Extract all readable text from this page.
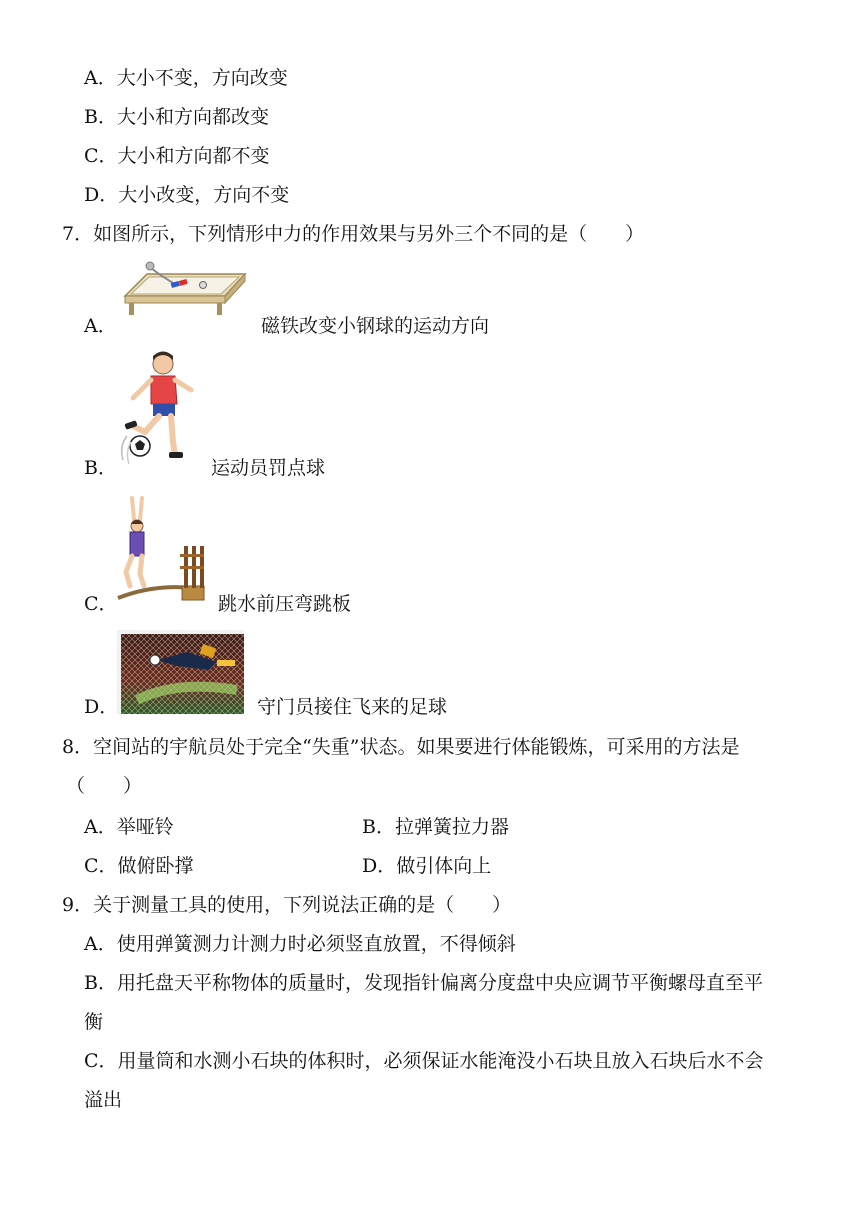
A．大小不变，方向改变
B．大小和方向都改变
C．大小和方向都不变
D．大小改变，方向不变
7．如图所示，下列情形中力的作用效果与另外三个不同的是（　　）
A．	磁铁改变小钢球的运动方向
B．	运动员罚点球
C．	跳水前压弯跳板
D．	守门员接住飞来的足球
8．空间站的宇航员处于完全“失重”状态。如果要进行体能锻炼，可采用的方法是
（　　）
A．举哑铃	B．拉弹簧拉力器
C．做俯卧撑	D．做引体向上
9．关于测量工具的使用，下列说法正确的是（　　）
A．使用弹簧测力计测力时必须竖直放置，不得倾斜
B．用托盘天平称物体的质量时，发现指针偏离分度盘中央应调节平衡螺母直至平
衡
C．用量筒和水测小石块的体积时，必须保证水能淹没小石块且放入石块后水不会
溢出
